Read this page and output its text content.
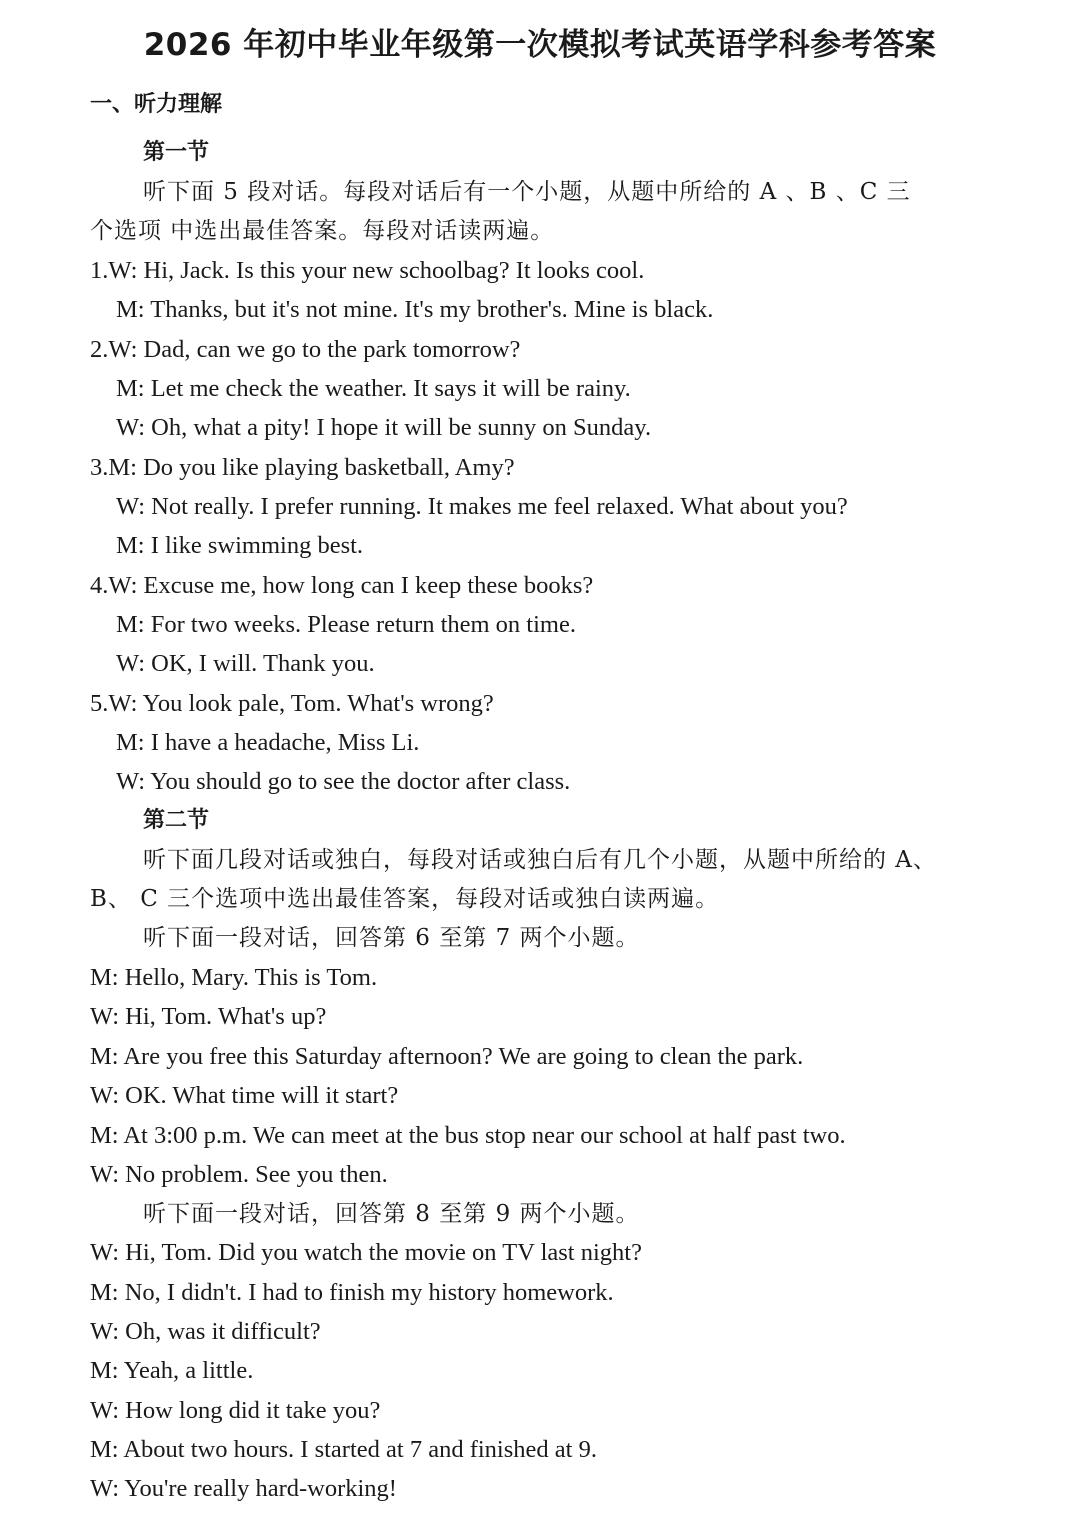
2026 年初中毕业年级第一次模拟考试英语学科参考答案
一、听力理解
第一节
听下面 5 段对话。每段对话后有一个小题，从题中所给的 A 、B 、C 三
个选项 中选出最佳答案。每段对话读两遍。
1.W: Hi, Jack. Is this your new schoolbag? It looks cool.
M: Thanks, but it's not mine. It's my brother's. Mine is black.
2.W: Dad, can we go to the park tomorrow?
M: Let me check the weather. It says it will be rainy.
W: Oh, what a pity! I hope it will be sunny on Sunday.
3.M: Do you like playing basketball, Amy?
W: Not really. I prefer running. It makes me feel relaxed. What about you?
M: I like swimming best.
4.W: Excuse me, how long can I keep these books?
M: For two weeks. Please return them on time.
W: OK, I will. Thank you.
5.W: You look pale, Tom. What's wrong?
M: I have a headache, Miss Li.
W: You should go to see the doctor after class.
第二节
听下面几段对话或独白，每段对话或独白后有几个小题，从题中所给的 A、
B、 C 三个选项中选出最佳答案，每段对话或独白读两遍。
听下面一段对话，回答第 6 至第 7 两个小题。
M: Hello, Mary. This is Tom.
W: Hi, Tom. What's up?
M: Are you free this Saturday afternoon? We are going to clean the park.
W: OK. What time will it start?
M: At 3:00 p.m. We can meet at the bus stop near our school at half past two.
W: No problem. See you then.
听下面一段对话，回答第 8 至第 9 两个小题。
W: Hi, Tom. Did you watch the movie on TV last night?
M: No, I didn't. I had to finish my history homework.
W: Oh, was it difficult?
M: Yeah, a little.
W: How long did it take you?
M: About two hours. I started at 7 and finished at 9.
W: You're really hard-working!
